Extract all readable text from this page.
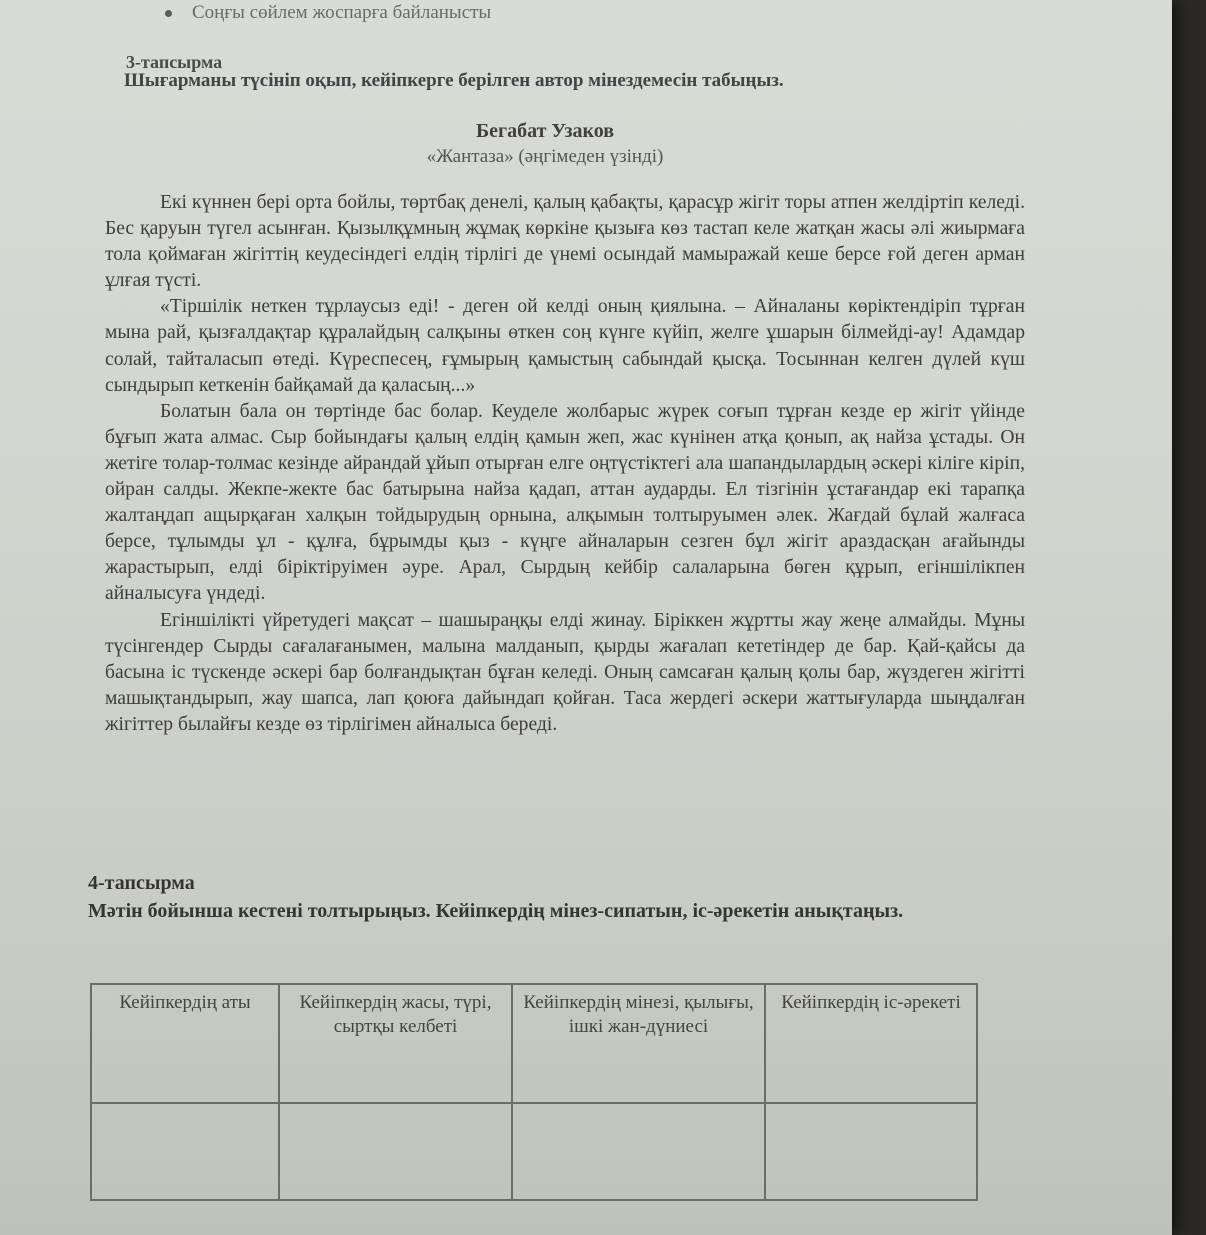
Соңғы сөйлем жоспарға байланысты
3-тапсырма
Шығарманы түсініп оқып, кейіпкерге берілген автор мінездемесін табыңыз.
Бегабат Узаков
«Жантаза» (әңгімеден үзінді)

Екі күннен бері орта бойлы, төртбақ денелі, қалың қабақты, қарасұр жігіт торы атпен желдіртіп келеді. Бес қаруын түгел асынған. Қызылқұмның жұмақ көркіне қызыға көз тастап келе жатқан жасы әлі жиырмаға тола қоймаған жігіттің кеудесіндегі елдің тірлігі де үнемі осындай мамыражай кеше берсе ғой деген арман ұлғая түсті.

«Тіршілік неткен тұрлаусыз еді! - деген ой келді оның қиялына. – Айналаны көріктендіріп тұрған мына рай, қызғалдақтар құралайдың салқыны өткен соң күнге күйіп, желге ұшарын білмейді-ау! Адамдар солай, тайталасып өтеді. Күреспесең, ғұмырың қамыстың сабындай қысқа. Тосыннан келген дүлей күш сындырып кеткенін байқамай да қаласың...»

Болатын бала он төртінде бас болар. Кеуделе жолбарыс жүрек соғып тұрған кезде ер жігіт үйінде бұғып жата алмас. Сыр бойындағы қалың елдің қамын жеп, жас күнінен атқа қонып, ақ найза ұстады. Он жетіге толар-толмас кезінде айрандай ұйып отырған елге оңтүстіктегі ала шапандылардың әскері кіліге кіріп, ойран салды. Жекпе-жекте бас батырына найза қадап, аттан аударды. Ел тізгінін ұстағандар екі тарапқа жалтаңдап ащырқаған халқын тойдырудың орнына, алқымын толтыруымен әлек. Жағдай бұлай жалғаса берсе, тұлымды ұл - құлға, бұрымды қыз - күңге айналарын сезген бұл жігіт араздасқан ағайынды жарастырып, елді біріктіруімен әуре. Арал, Сырдың кейбір салаларына бөген құрып, егіншілікпен айналысуға үндеді.

Егіншілікті үйретудегі мақсат – шашыраңқы елді жинау. Біріккен жұртты жау жеңе алмайды. Мұны түсінгендер Сырды сағалағанымен, малына малданып, қырды жағалап кететіндер де бар. Қай-қайсы да басына іс түскенде әскері бар болғандықтан бұған келеді. Оның самсаған қалың қолы бар, жүздеген жігітті машықтандырып, жау шапса, лап қоюға дайындап қойған. Таса жердегі әскери жаттығуларда шыңдалған жігіттер былайғы кезде өз тірлігімен айналыса береді.

4-тапсырма
Мәтін бойынша кестені толтырыңыз. Кейіпкердің мінез-сипатын, іс-әрекетін анықтаңыз.
Кейіпкердің аты	Кейіпкердің жасы, түрі, сыртқы келбеті	Кейіпкердің мінезі, қылығы, ішкі жан-дүниесі	Кейіпкердің іс-әрекеті
